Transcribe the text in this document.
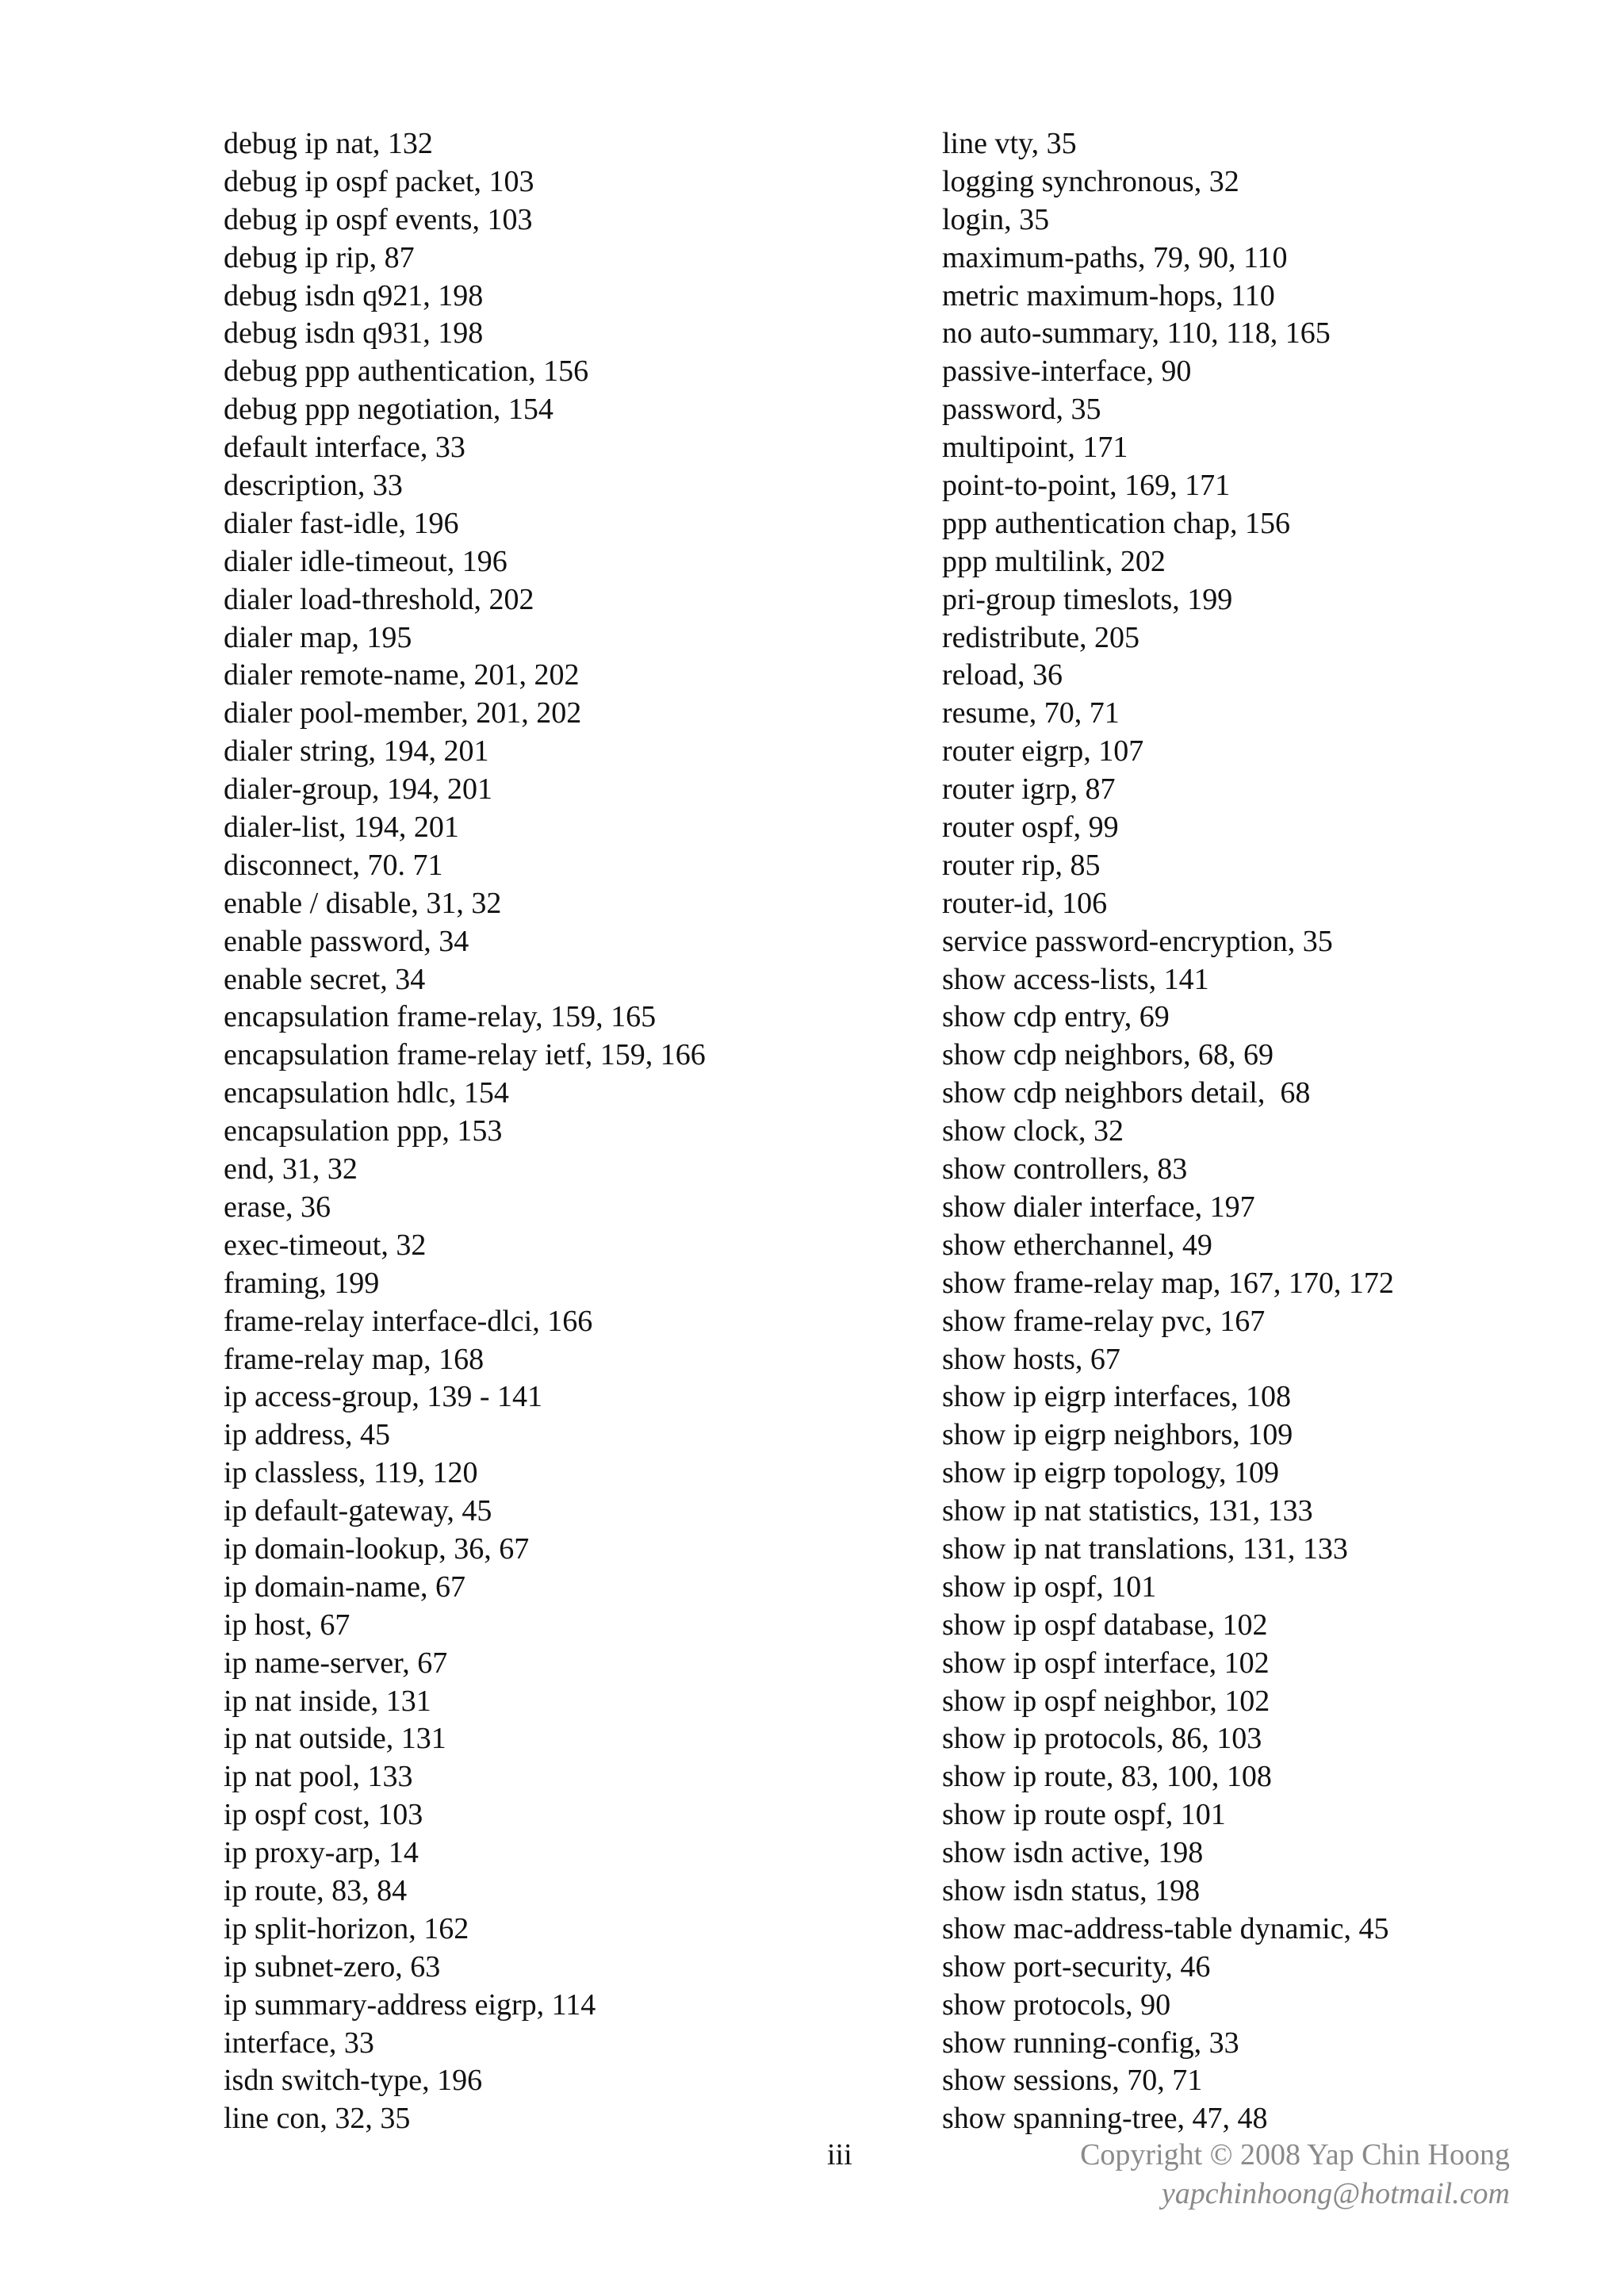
debug ip nat, 132
debug ip ospf packet, 103
debug ip ospf events, 103
debug ip rip, 87
debug isdn q921, 198
debug isdn q931, 198
debug ppp authentication, 156
debug ppp negotiation, 154
default interface, 33
description, 33
dialer fast-idle, 196
dialer idle-timeout, 196
dialer load-threshold, 202
dialer map, 195
dialer remote-name, 201, 202
dialer pool-member, 201, 202
dialer string, 194, 201
dialer-group, 194, 201
dialer-list, 194, 201
disconnect, 70. 71
enable / disable, 31, 32
enable password, 34
enable secret, 34
encapsulation frame-relay, 159, 165
encapsulation frame-relay ietf, 159, 166
encapsulation hdlc, 154
encapsulation ppp, 153
end, 31, 32
erase, 36
exec-timeout, 32
framing, 199
frame-relay interface-dlci, 166
frame-relay map, 168
ip access-group, 139 - 141
ip address, 45
ip classless, 119, 120
ip default-gateway, 45
ip domain-lookup, 36, 67
ip domain-name, 67
ip host, 67
ip name-server, 67
ip nat inside, 131
ip nat outside, 131
ip nat pool, 133
ip ospf cost, 103
ip proxy-arp, 14
ip route, 83, 84
ip split-horizon, 162
ip subnet-zero, 63
ip summary-address eigrp, 114
interface, 33
isdn switch-type, 196
line con, 32, 35
line vty, 35
logging synchronous, 32
login, 35
maximum-paths, 79, 90, 110
metric maximum-hops, 110
no auto-summary, 110, 118, 165
passive-interface, 90
password, 35
multipoint, 171
point-to-point, 169, 171
ppp authentication chap, 156
ppp multilink, 202
pri-group timeslots, 199
redistribute, 205
reload, 36
resume, 70, 71
router eigrp, 107
router igrp, 87
router ospf, 99
router rip, 85
router-id, 106
service password-encryption, 35
show access-lists, 141
show cdp entry, 69
show cdp neighbors, 68, 69
show cdp neighbors detail,  68
show clock, 32
show controllers, 83
show dialer interface, 197
show etherchannel, 49
show frame-relay map, 167, 170, 172
show frame-relay pvc, 167
show hosts, 67
show ip eigrp interfaces, 108
show ip eigrp neighbors, 109
show ip eigrp topology, 109
show ip nat statistics, 131, 133
show ip nat translations, 131, 133
show ip ospf, 101
show ip ospf database, 102
show ip ospf interface, 102
show ip ospf neighbor, 102
show ip protocols, 86, 103
show ip route, 83, 100, 108
show ip route ospf, 101
show isdn active, 198
show isdn status, 198
show mac-address-table dynamic, 45
show port-security, 46
show protocols, 90
show running-config, 33
show sessions, 70, 71
show spanning-tree, 47, 48
iii	Copyright © 2008 Yap Chin Hoong
yapchinhoong@hotmail.com
